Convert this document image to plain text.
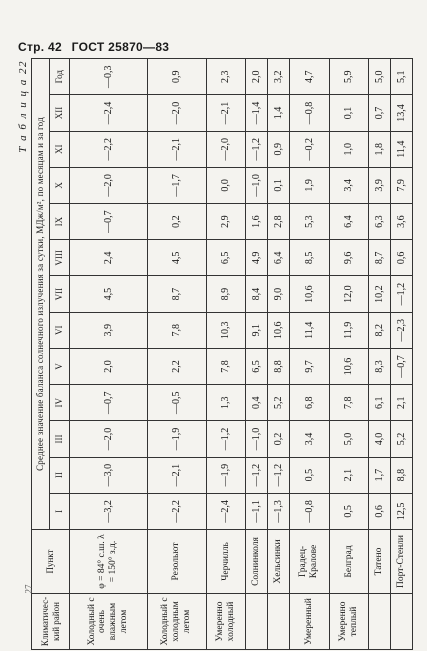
Стр. 42 ГОСТ 25870—83
Т а б л и ц а 22
Климатичес-кий район	Пункт	Среднее значение баланса солнечного излучения за сутки, МДж/м², по месяцам и за год												
		I	II	III	IV	V	VI	VII	VIII	IX	X	XI	XII	Год
Холодный с очень влажным летом	φ = 84° с.ш. λ = 150° з.д.	—3,2	—3,0	—2,0	—0,7	2,0	3,9	4,5	2,4	—0,7	—2,0	—2,2	—2,4	—0,3
Холодный с холодным летом	Резольют	—2,2	—2,1	—1,9	—0,5	2,2	7,8	8,7	4,5	0,2	—1,7	—2,1	—2,0	0,9
Умеренно холодный	Черчилль	—2,4	—1,9	—1,2	1,3	7,8	10,3	8,9	6,5	2,9	0,0	—2,0	—2,1	2,3
	Солнинколя	—1,1	—1,2	—1,0	0,4	6,5	9,1	8,4	4,9	1,6	—1,0	—1,2	—1,4	2,0
	Хельсинки	—1,3	—1,2	0,2	5,2	8,8	10,6	9,0	6,4	2,8	0,1	0,9	1,4	3,2
Умеренный	Градец-Кралове	—0,8	0,5	3,4	6,8	9,7	11,4	10,6	8,5	5,3	1,9	—0,2	—0,8	4,7
Умеренно теплый	Белград	0,5	2,1	5,0	7,8	10,6	11,9	12,0	9,6	6,4	3,4	1,0	0,1	5,9
	Татено	0,6	1,7	4,0	6,1	8,3	8,2	10,2	8,7	6,3	3,9	1,8	0,7	5,0
	Порт-Стенли	12,5	8,8	5,2	2,1	—0,7	—2,3	—1,2	0,6	3,6	7,9	11,4	13,4	5,1
27
